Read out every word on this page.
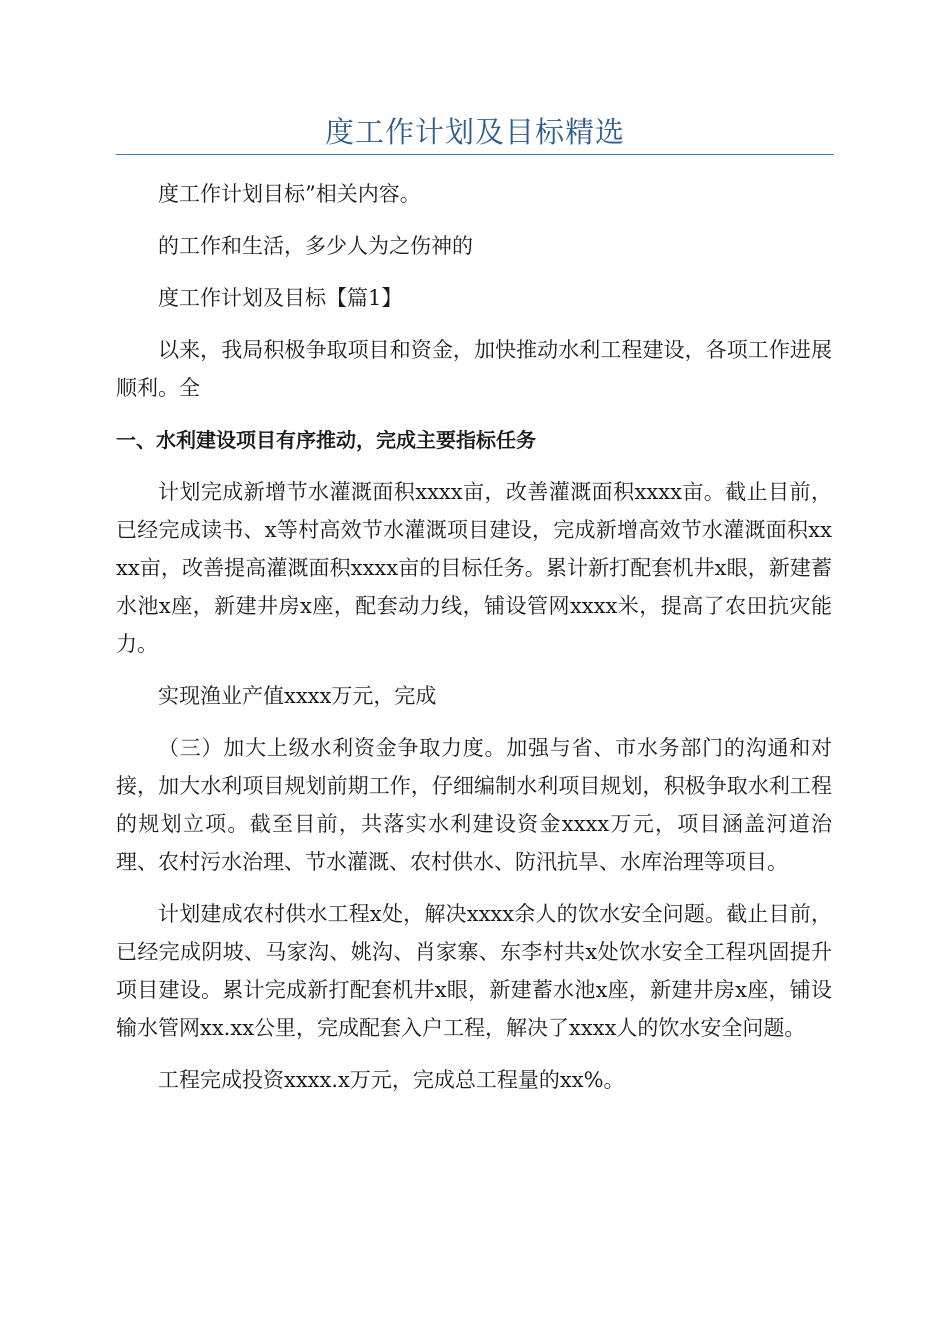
度工作计划及目标精选

度工作计划目标”相关内容。

的工作和生活，多少人为之伤神的

度工作计划及目标【篇1】

以来，我局积极争取项目和资金，加快推动水利工程建设，各项工作进展顺利。全

一、水利建设项目有序推动，完成主要指标任务

计划完成新增节水灌溉面积xxxx亩，改善灌溉面积xxxx亩。截止目前，已经完成读书、x等村高效节水灌溉项目建设，完成新增高效节水灌溉面积xxxx亩，改善提高灌溉面积xxxx亩的目标任务。累计新打配套机井x眼，新建蓄水池x座，新建井房x座，配套动力线，铺设管网xxxx米，提高了农田抗灾能力。

实现渔业产值xxxx万元，完成

（三）加大上级水利资金争取力度。加强与省、市水务部门的沟通和对接，加大水利项目规划前期工作，仔细编制水利项目规划，积极争取水利工程的规划立项。截至目前，共落实水利建设资金xxxx万元，项目涵盖河道治理、农村污水治理、节水灌溉、农村供水、防汛抗旱、水库治理等项目。

计划建成农村供水工程x处，解决xxxx余人的饮水安全问题。截止目前，已经完成阴坡、马家沟、姚沟、肖家寨、东李村共x处饮水安全工程巩固提升项目建设。累计完成新打配套机井x眼，新建蓄水池x座，新建井房x座，铺设输水管网xx.xx公里，完成配套入户工程，解决了xxxx人的饮水安全问题。

工程完成投资xxxx.x万元，完成总工程量的xx%。
